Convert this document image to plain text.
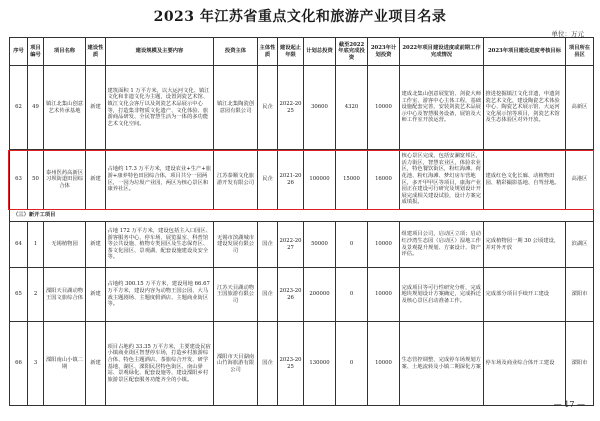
2023 年江苏省重点文化和旅游产业项目名录
单位：万元
序号	项目编号	项目名称	建设性质	建设规模及主要内容	投资主体	主体性质	建设起止年限	计划总投资	截至2022年底完成投资	2023年计划投资	2022年项目建设进度或前期工作完成情况	2023年项目建设进度考核目标	项目所在县区
62	49	镇江北集山创意艺术传承基地	新建	建筑面积 1 万平方米，以大运河文化、镇江文化和非遗文化为主题，设置剑瓷艺术馆、镇江文化会客厅以及剑瓷艺术品展示中心等，打造集非物质文化遗产、文化体验、旅游商品研发、全民智慧生活为一体的多功能艺术文化空间。	镇江北集陶瓷创意园有限公司	民企	2022-2025	30600	4320	10000	建成北集山创意展览馆、剑瓷大师工作室、游客中心主体工程，基础设施配套完善，安装剑瓷艺术品展示中心及智慧服务设备，展馆及大师工作室开放运营。	推进挖掘镇江文化非遗，申遗剑瓷艺术文化，建设陶瓷艺术体验中心、陶瓷艺术展示馆、大运河文化展示馆等项目，剑瓷艺术馆及生态体验区对外开放。	高新区
63	50	泰州医药高新区习坝街道田园综合体	新建	占地约 17.3 万平方米，建设农业+生产+旅游+康养特色田园综合体，项目共分一园两区，一园为垃圾产业园，两区为核心景区和康养社区。	江苏泰顺文化旅游开发有限公司	民企	2021-2026	100000	15000	16000	核心景区完成，包括安澜宽邦区，活力街区，智慧农业区，体验农业区，特色餐饮街区，粉红海滩、荷花池、粉红海滩、梦幻房车营地区，多开甲甲区等项目，康海产业园正在建设可行研究及规划设计开展完成相关建设试验，设计方案完成填报。	建成红色文化长廊、动植物田园、精彩撮影基地、自驾营地。	高港区
（三）新开工项目													
64	1	无锡植物园	新建	占地 172 万平方米，建设包括主入口园区、游客服务中心、停车场、展览温室、科普馆等公共设施、植物专类园区及生态保育区、茶文化园区、景观湖、配套设施建设及安全等。	无锡市滨湖城市建设发展有限公司	国企	2022-2027	50000	0	10000	组建项目公司，启动区立项；启动红沙湾生态园（启动区）湿地工作及景观提升规划、方案设计、资产评估。	完成植物园一期 30 公顷建设，并对外开放	滨湖区
65	2	溧阳天目湖动物王国文旅综合体	新建	占地约 300.15 万平方米，建设用地 66.67 万平方米，建设内容为动物王国公园、大马戏主题剧场、主题度假酒店、主题商业街区等。	江苏天目湖动物王国旅游有限公司	国企	2023-2026	200000	0	10000	完成项目等可行性研究分析，完成地块规划设计方案确定，完成拆迁及核心景区启动准备工作。	完成部分项目手续开工建设	溧阳市
66	3	溧阳南山小镇二期	新建	项目占地约 33.35 万平方米，主要建设民宿小镇商业街区智慧停车场，打造乡村旅游综合体、特色主题酒店、茶旅综合开发、研学基地、湖区、溧阳民居特色街区、南山驿站、景观绿化、配套设施等，建设溧阳乡村旅游景区配套服务功能齐全的小镇。	溧阳市天目湖南山竹海旅游有限公司	国企	2023-2025	130000	0	10000	生态管控调整，完成停车场规划方案、土地流转及小镇二期深化方案	停车场及商业综合体开工建设	溧阳市
— 17 —
